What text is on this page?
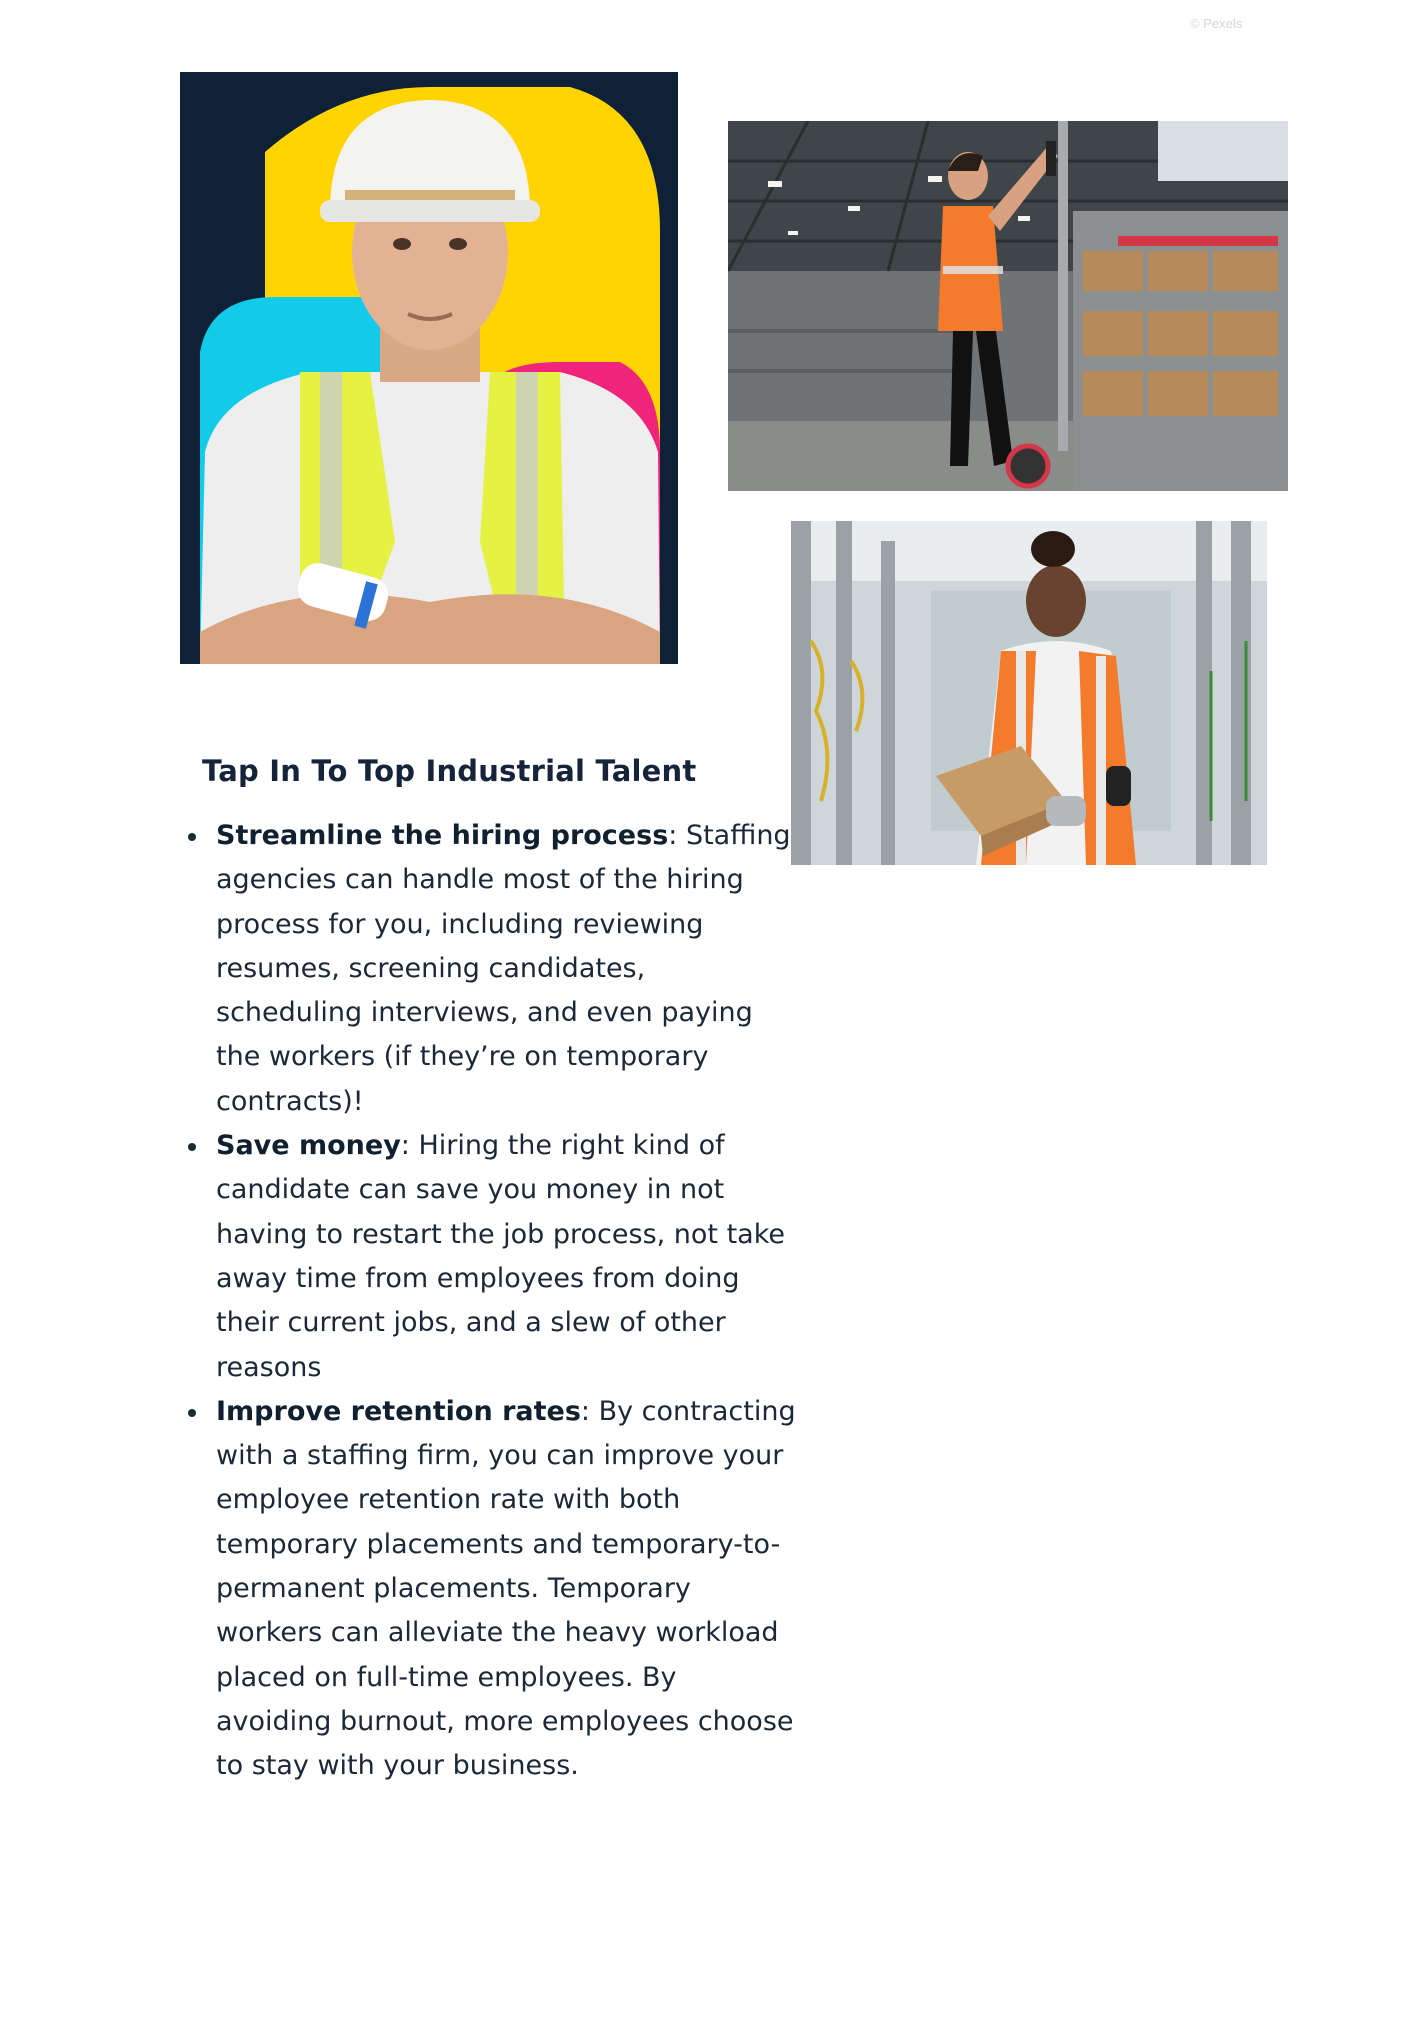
© Pexels
Tap In To Top Industrial Talent
Streamline the hiring process: Staffing agencies can handle most of the hiring process for you, including reviewing resumes, screening candidates, scheduling interviews, and even paying the workers (if they’re on temporary contracts)!
Save money: Hiring the right kind of candidate can save you money in not having to restart the job process, not take away time from employees from doing their current jobs, and a slew of other reasons
Improve retention rates: By contracting with a staffing firm, you can improve your employee retention rate with both temporary placements and temporary-to-permanent placements. Temporary workers can alleviate the heavy workload placed on full-time employees. By avoiding burnout, more employees choose to stay with your business.
